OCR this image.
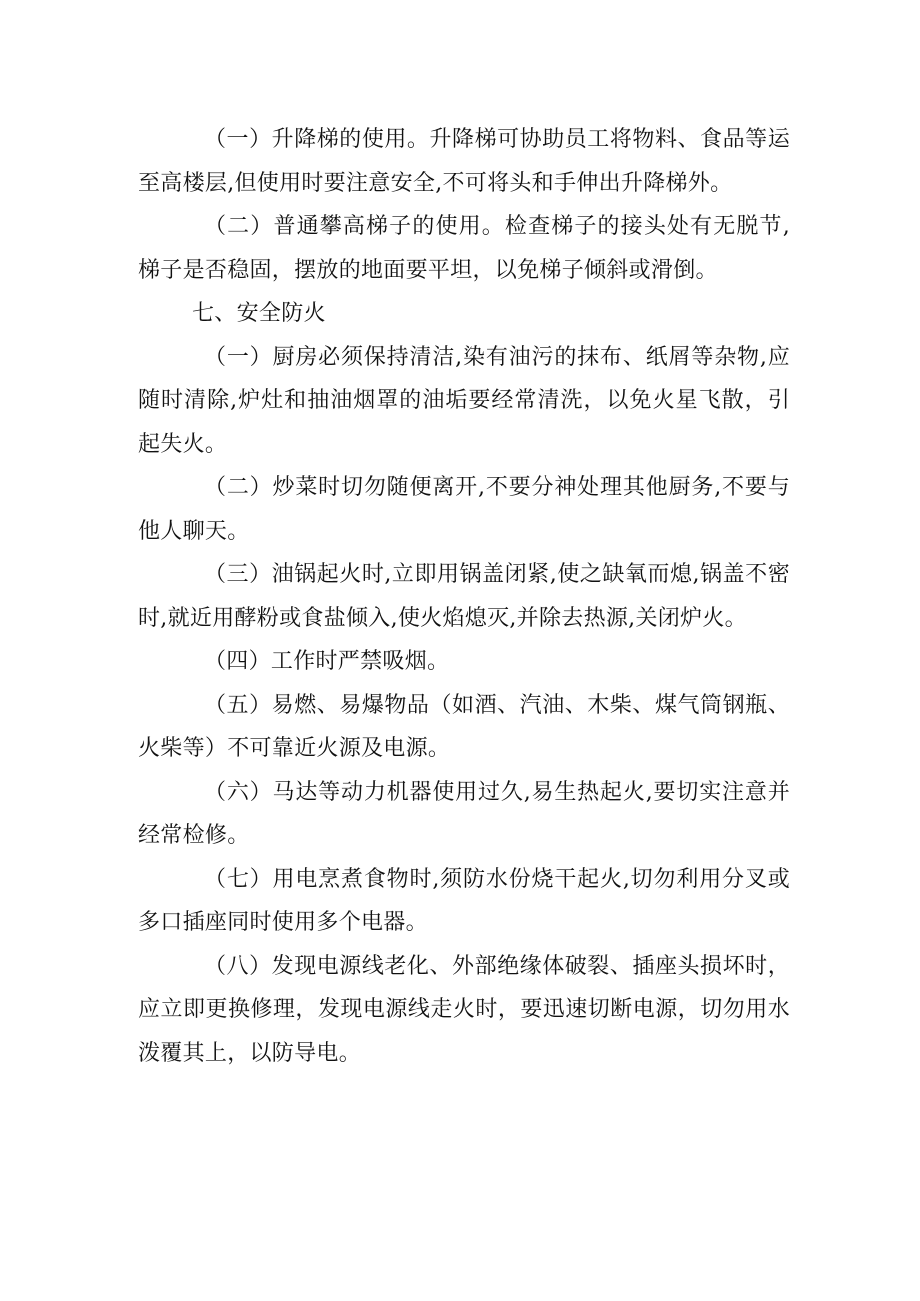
（一）升降梯的使用。升降梯可协助员工将物料、食品等运至高楼层,但使用时要注意安全,不可将头和手伸出升降梯外。

（二）普通攀高梯子的使用。检查梯子的接头处有无脱节,梯子是否稳固，摆放的地面要平坦，以免梯子倾斜或滑倒。

七、安全防火

（一）厨房必须保持清洁,染有油污的抹布、纸屑等杂物,应随时清除,炉灶和抽油烟罩的油垢要经常清洗，以免火星飞散，引起失火。

（二）炒菜时切勿随便离开,不要分神处理其他厨务,不要与他人聊天。

（三）油锅起火时,立即用锅盖闭紧,使之缺氧而熄,锅盖不密时,就近用酵粉或食盐倾入,使火焰熄灭,并除去热源,关闭炉火。

（四）工作时严禁吸烟。

（五）易燃、易爆物品（如酒、汽油、木柴、煤气筒钢瓶、火柴等）不可靠近火源及电源。

（六）马达等动力机器使用过久,易生热起火,要切实注意并经常检修。

（七）用电烹煮食物时,须防水份烧干起火,切勿利用分叉或多口插座同时使用多个电器。

（八）发现电源线老化、外部绝缘体破裂、插座头损坏时，应立即更换修理，发现电源线走火时，要迅速切断电源，切勿用水泼覆其上，以防导电。
